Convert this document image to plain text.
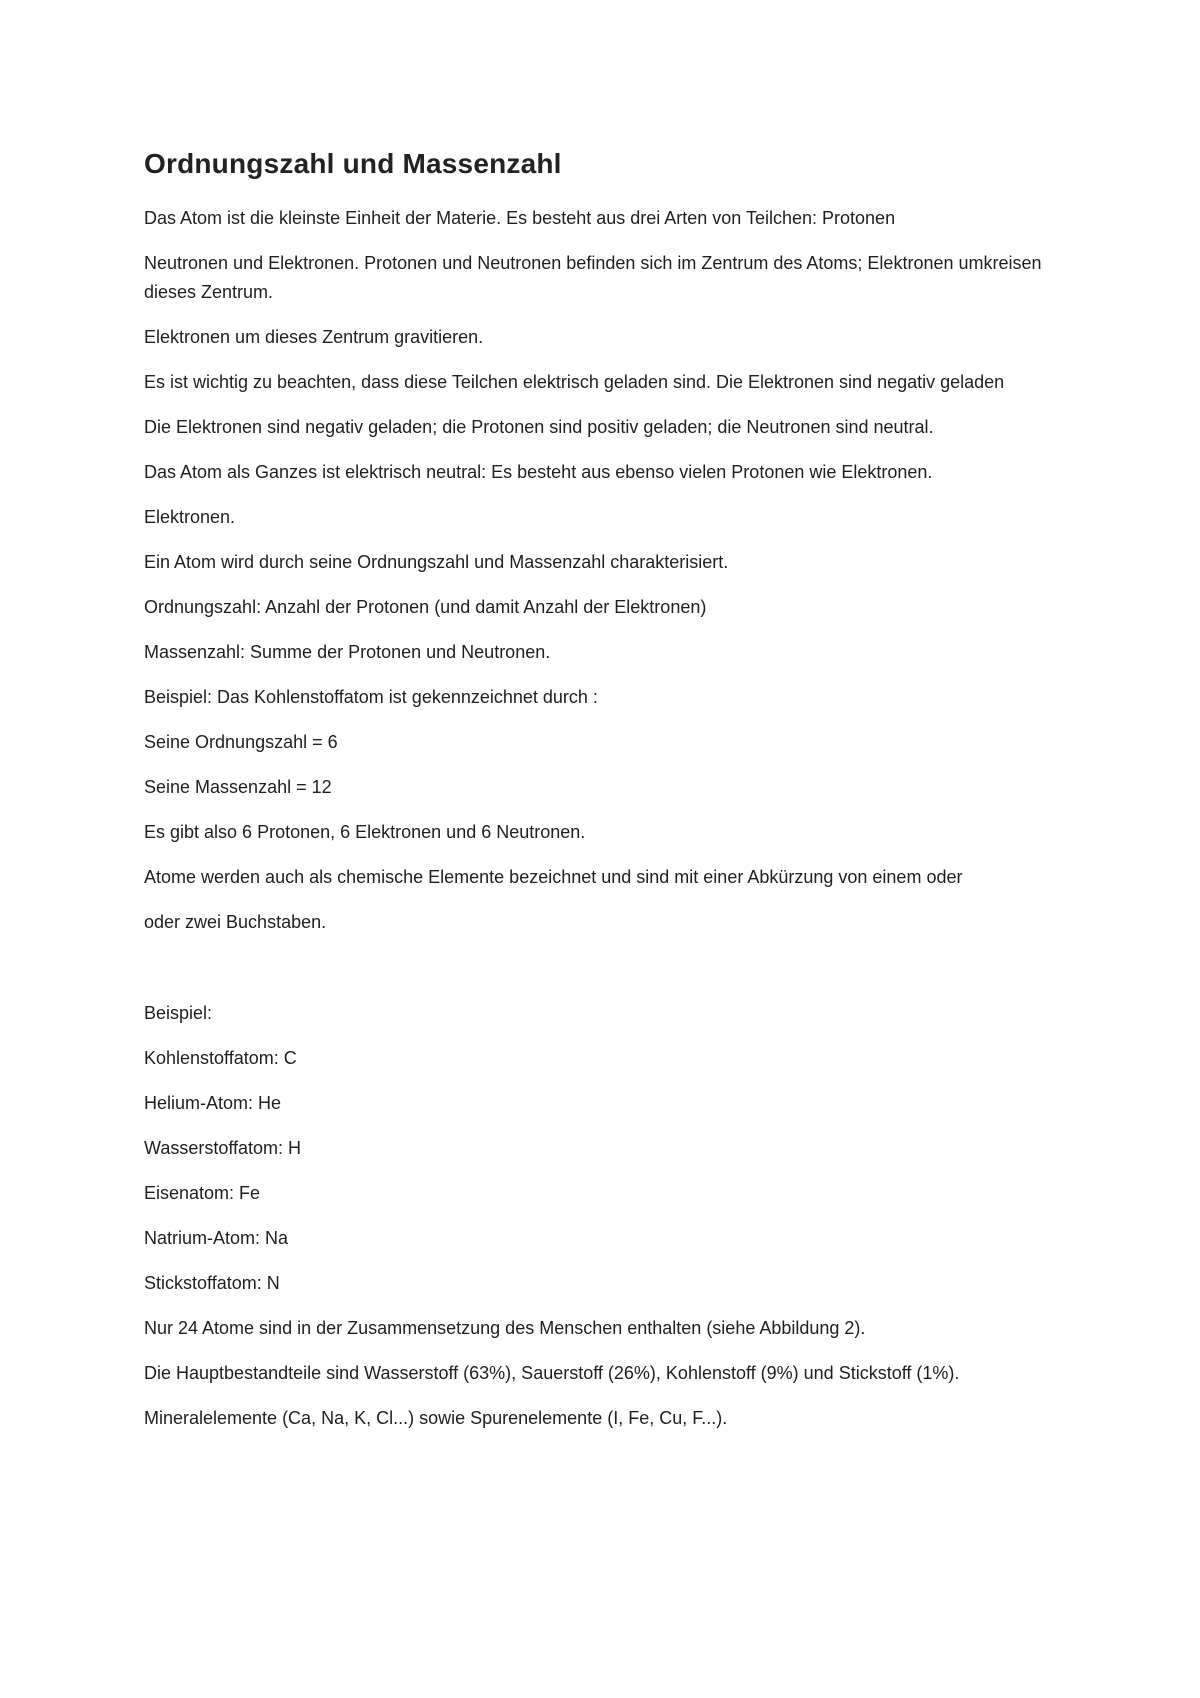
Ordnungszahl und Massenzahl

Das Atom ist die kleinste Einheit der Materie. Es besteht aus drei Arten von Teilchen: Protonen

Neutronen und Elektronen. Protonen und Neutronen befinden sich im Zentrum des Atoms; Elektronen umkreisen dieses Zentrum.

Elektronen um dieses Zentrum gravitieren.

Es ist wichtig zu beachten, dass diese Teilchen elektrisch geladen sind. Die Elektronen sind negativ geladen

Die Elektronen sind negativ geladen; die Protonen sind positiv geladen; die Neutronen sind neutral.

Das Atom als Ganzes ist elektrisch neutral: Es besteht aus ebenso vielen Protonen wie Elektronen.

Elektronen.

Ein Atom wird durch seine Ordnungszahl und Massenzahl charakterisiert.

Ordnungszahl: Anzahl der Protonen (und damit Anzahl der Elektronen)

Massenzahl: Summe der Protonen und Neutronen.

Beispiel: Das Kohlenstoffatom ist gekennzeichnet durch :

Seine Ordnungszahl = 6

Seine Massenzahl = 12

Es gibt also 6 Protonen, 6 Elektronen und 6 Neutronen.

Atome werden auch als chemische Elemente bezeichnet und sind mit einer Abkürzung von einem oder

oder zwei Buchstaben.

Beispiel:

Kohlenstoffatom: C

Helium-Atom: He

Wasserstoffatom: H

Eisenatom: Fe

Natrium-Atom: Na

Stickstoffatom: N

Nur 24 Atome sind in der Zusammensetzung des Menschen enthalten (siehe Abbildung 2).

Die Hauptbestandteile sind Wasserstoff (63%), Sauerstoff (26%), Kohlenstoff (9%) und Stickstoff (1%).

Mineralelemente (Ca, Na, K, Cl...) sowie Spurenelemente (I, Fe, Cu, F...).
